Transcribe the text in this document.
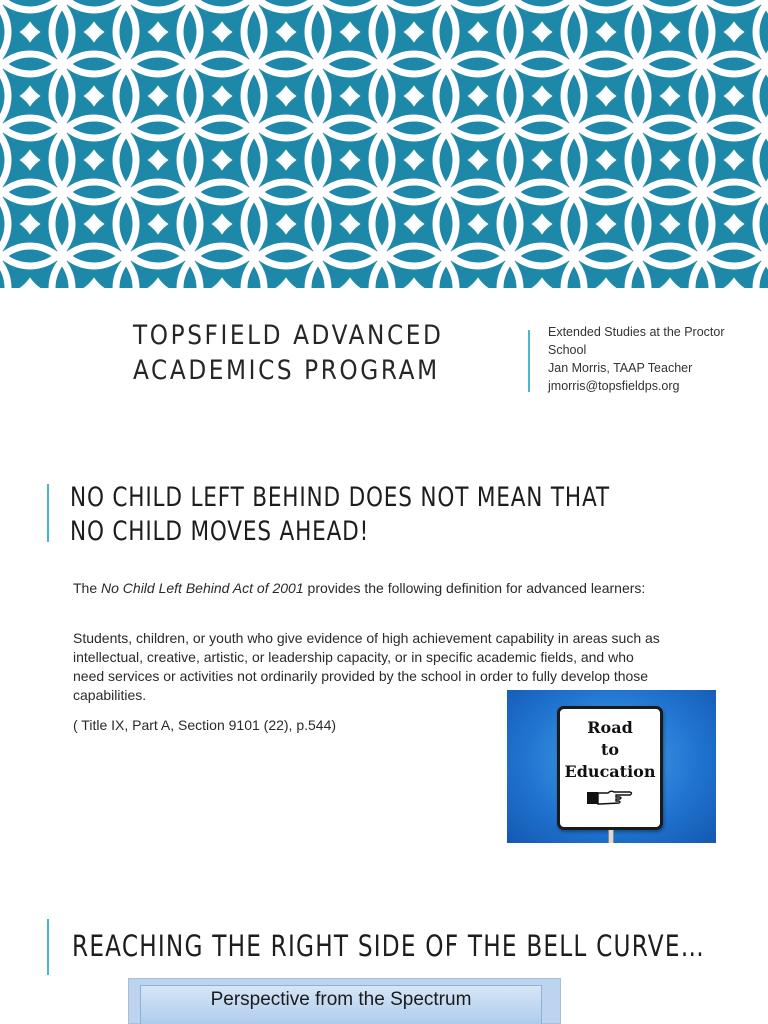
TOPSFIELD ADVANCED
ACADEMICS PROGRAM
Extended Studies at the Proctor
School
Jan Morris, TAAP Teacher
jmorris@topsfieldps.org
NO CHILD LEFT BEHIND DOES NOT MEAN THAT
NO CHILD MOVES AHEAD!

The No Child Left Behind Act of 2001 provides the following definition for advanced learners:

Students, children, or youth who give evidence of high achievement capability in areas such as intellectual, creative, artistic, or leadership capacity, or in specific academic fields, and who need services or activities not ordinarily provided by the school in order to fully develop those capabilities.

( Title IX, Part A, Section 9101 (22), p.544)	Road
to
Education
REACHING THE RIGHT SIDE OF THE BELL CURVE…
Perspective from the Spectrum
